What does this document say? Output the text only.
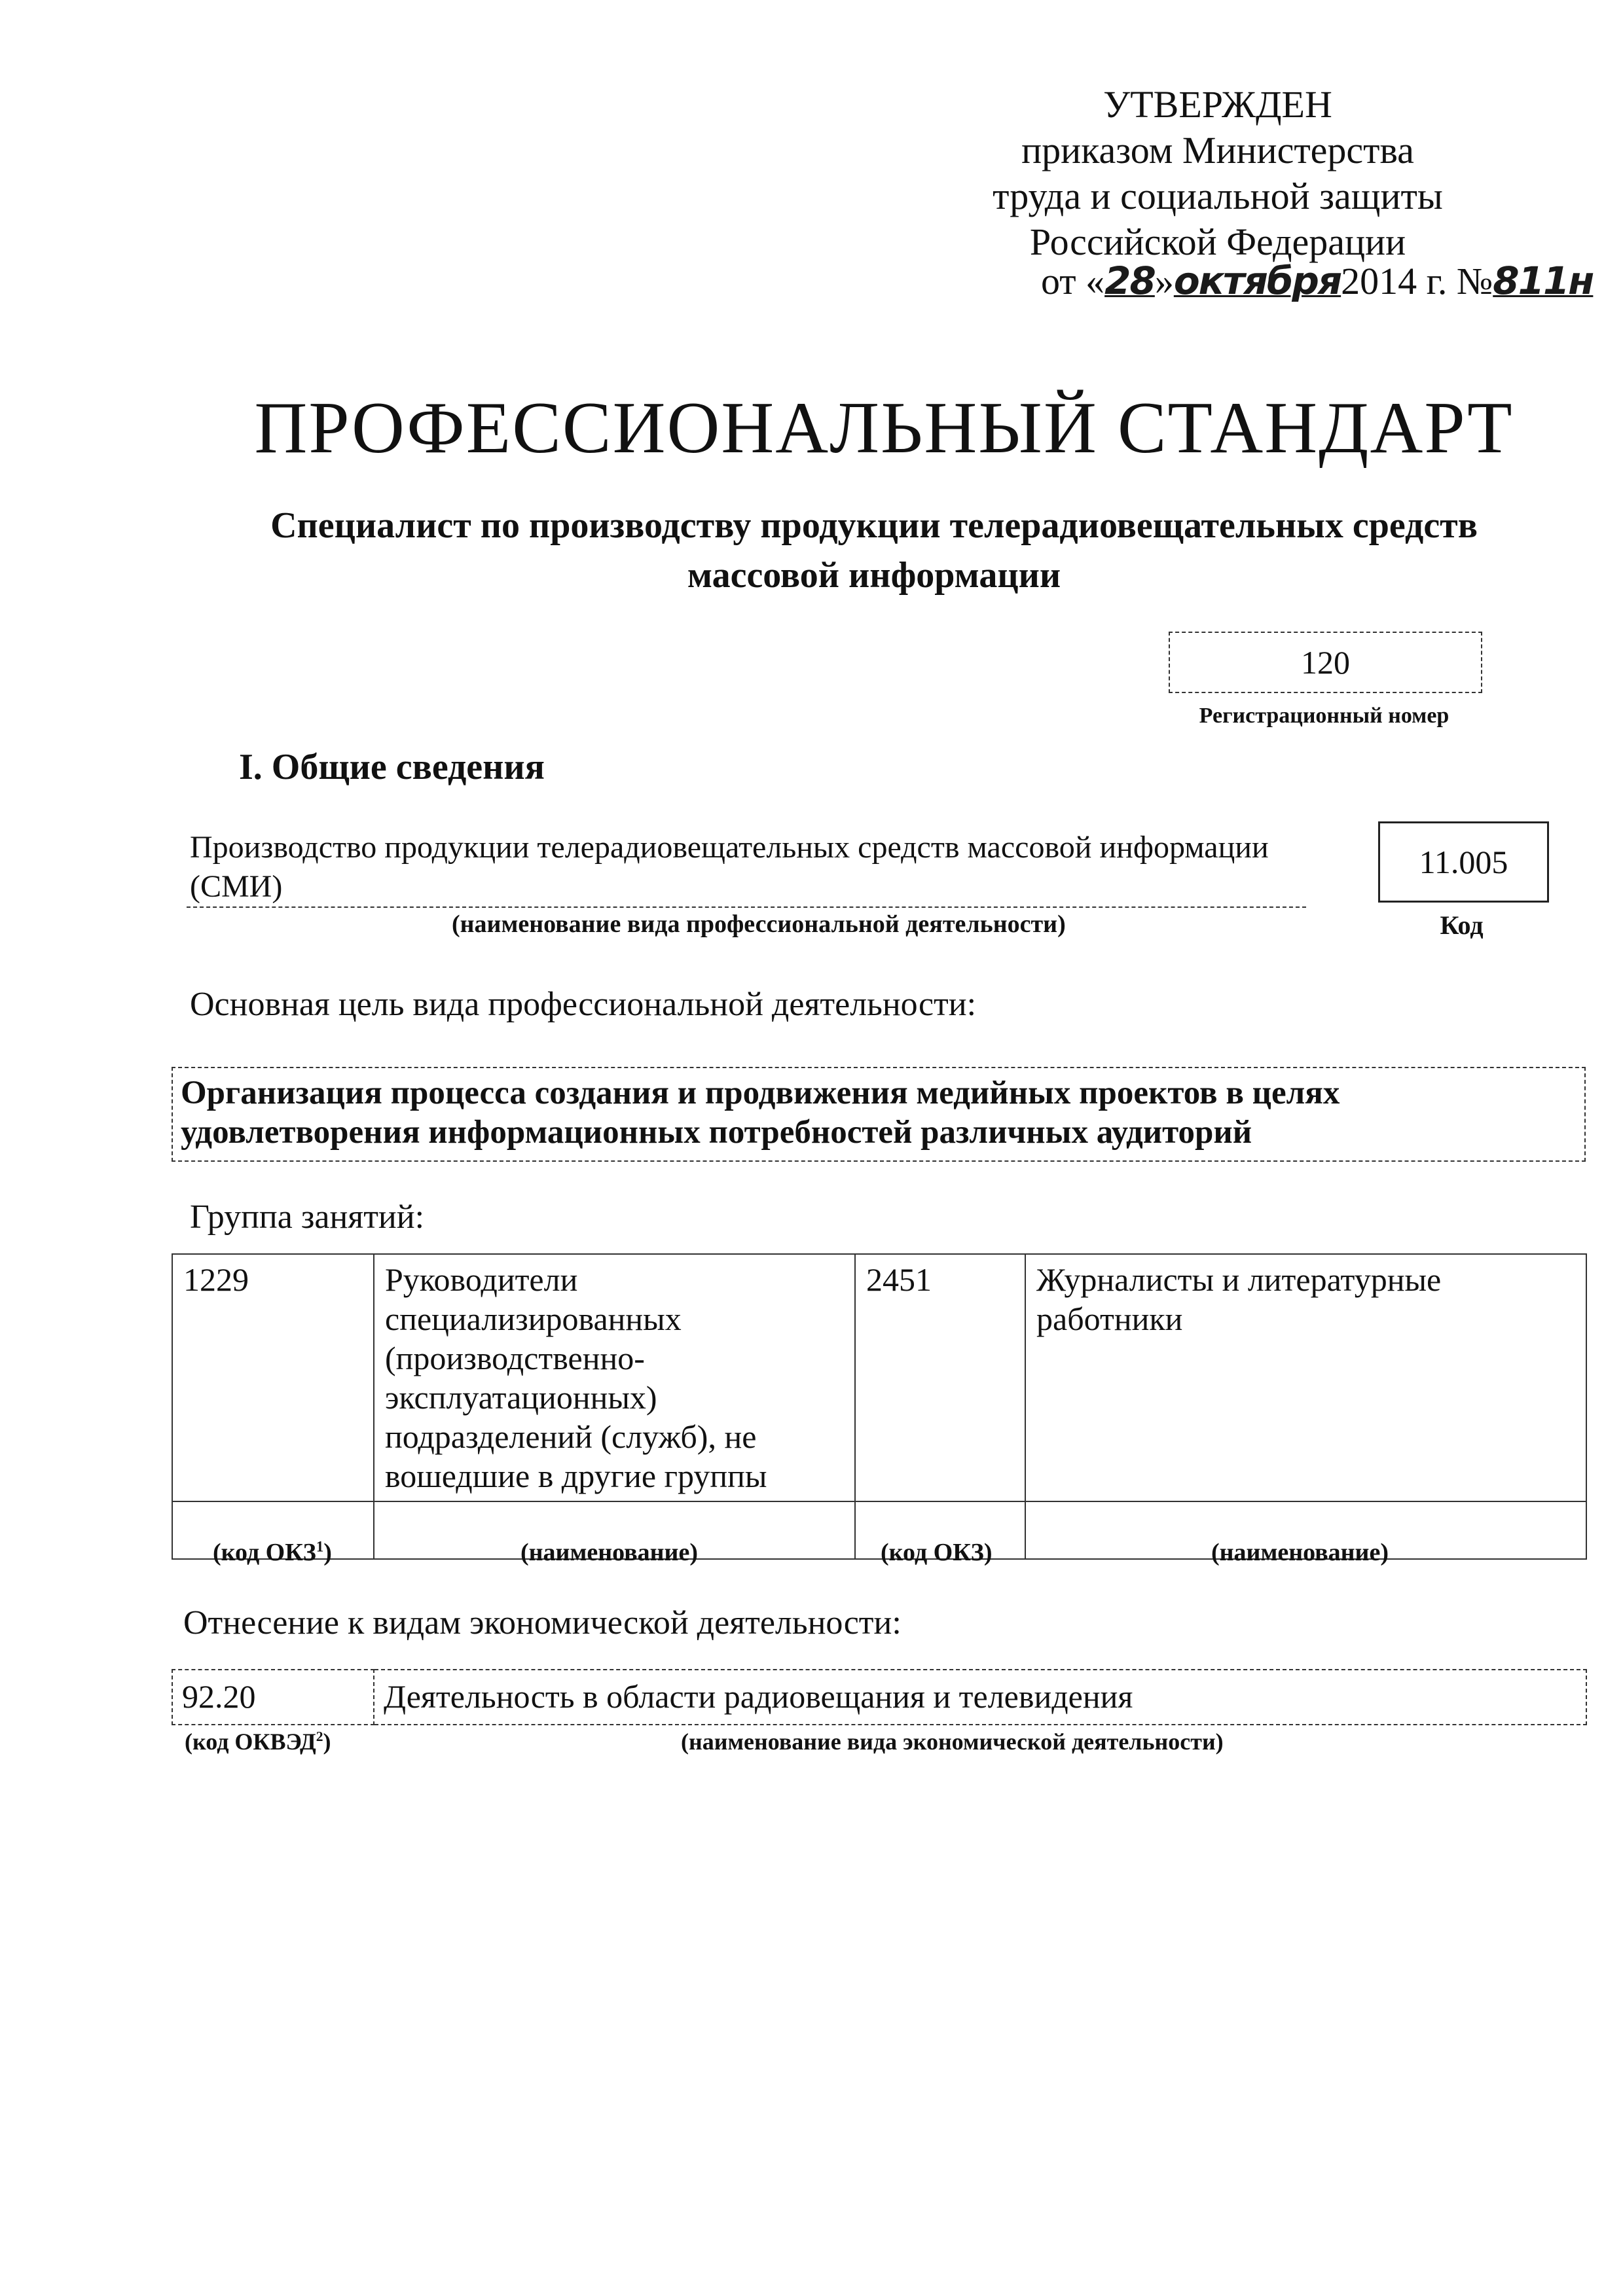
УТВЕРЖДЕН
приказом Министерства
труда и социальной защиты
Российской Федерации
от «28»октября2014 г. №811н
ПРОФЕССИОНАЛЬНЫЙ СТАНДАРТ
Специалист по производству продукции телерадиовещательных средств массовой информации
120
Регистрационный номер
I. Общие сведения
Производство продукции телерадиовещательных средств массовой информации (СМИ)
(наименование вида профессиональной деятельности)
11.005
Код
Основная цель вида профессиональной деятельности:
Организация процесса создания и продвижения медийных проектов в целях удовлетворения информационных потребностей различных аудиторий
Группа занятий:
1229	Руководители специализированных (производственно-эксплуатационных) подразделений (служб), не вошедшие в другие группы	2451	Журналисты и литературные работники

(код ОКЗ$^1$)	(наименование)	(код ОКЗ)	(наименование)
Отнесение к видам экономической деятельности:
92.20	Деятельность в области радиовещания и телевидения
(код ОКВЭД$^2$)	(наименование вида экономической деятельности)
